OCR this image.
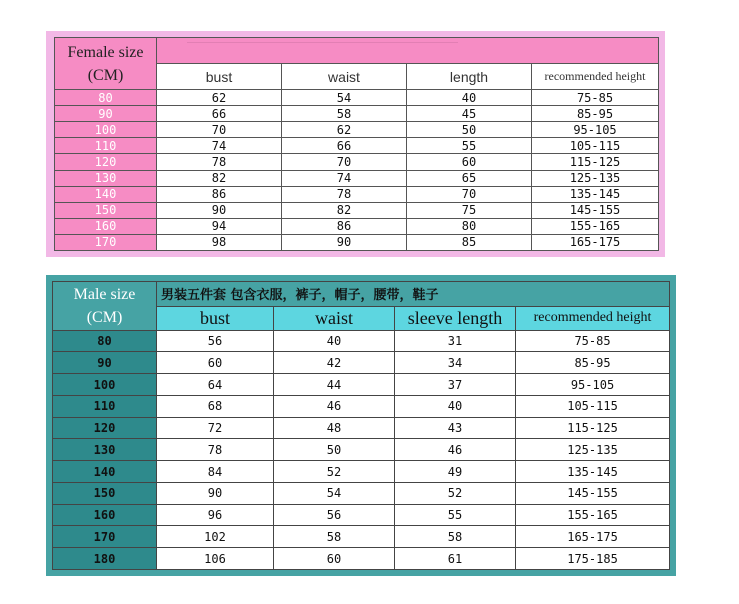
Female size
(CM)				

	bust	waist	length	recommended height
80	62	54	40	75-85
90	66	58	45	85-95
100	70	62	50	95-105
110	74	66	55	105-115
120	78	70	60	115-125
130	82	74	65	125-135
140	86	78	70	135-145
150	90	82	75	145-155
160	94	86	80	155-165
170	98	90	85	165-175
Male size
(CM)	男装五件套 包含衣服，裤子，帽子，腰带，鞋子			
	bust	waist	sleeve length	recommended height
80	56	40	31	75-85
90	60	42	34	85-95
100	64	44	37	95-105
110	68	46	40	105-115
120	72	48	43	115-125
130	78	50	46	125-135
140	84	52	49	135-145
150	90	54	52	145-155
160	96	56	55	155-165
170	102	58	58	165-175
180	106	60	61	175-185
